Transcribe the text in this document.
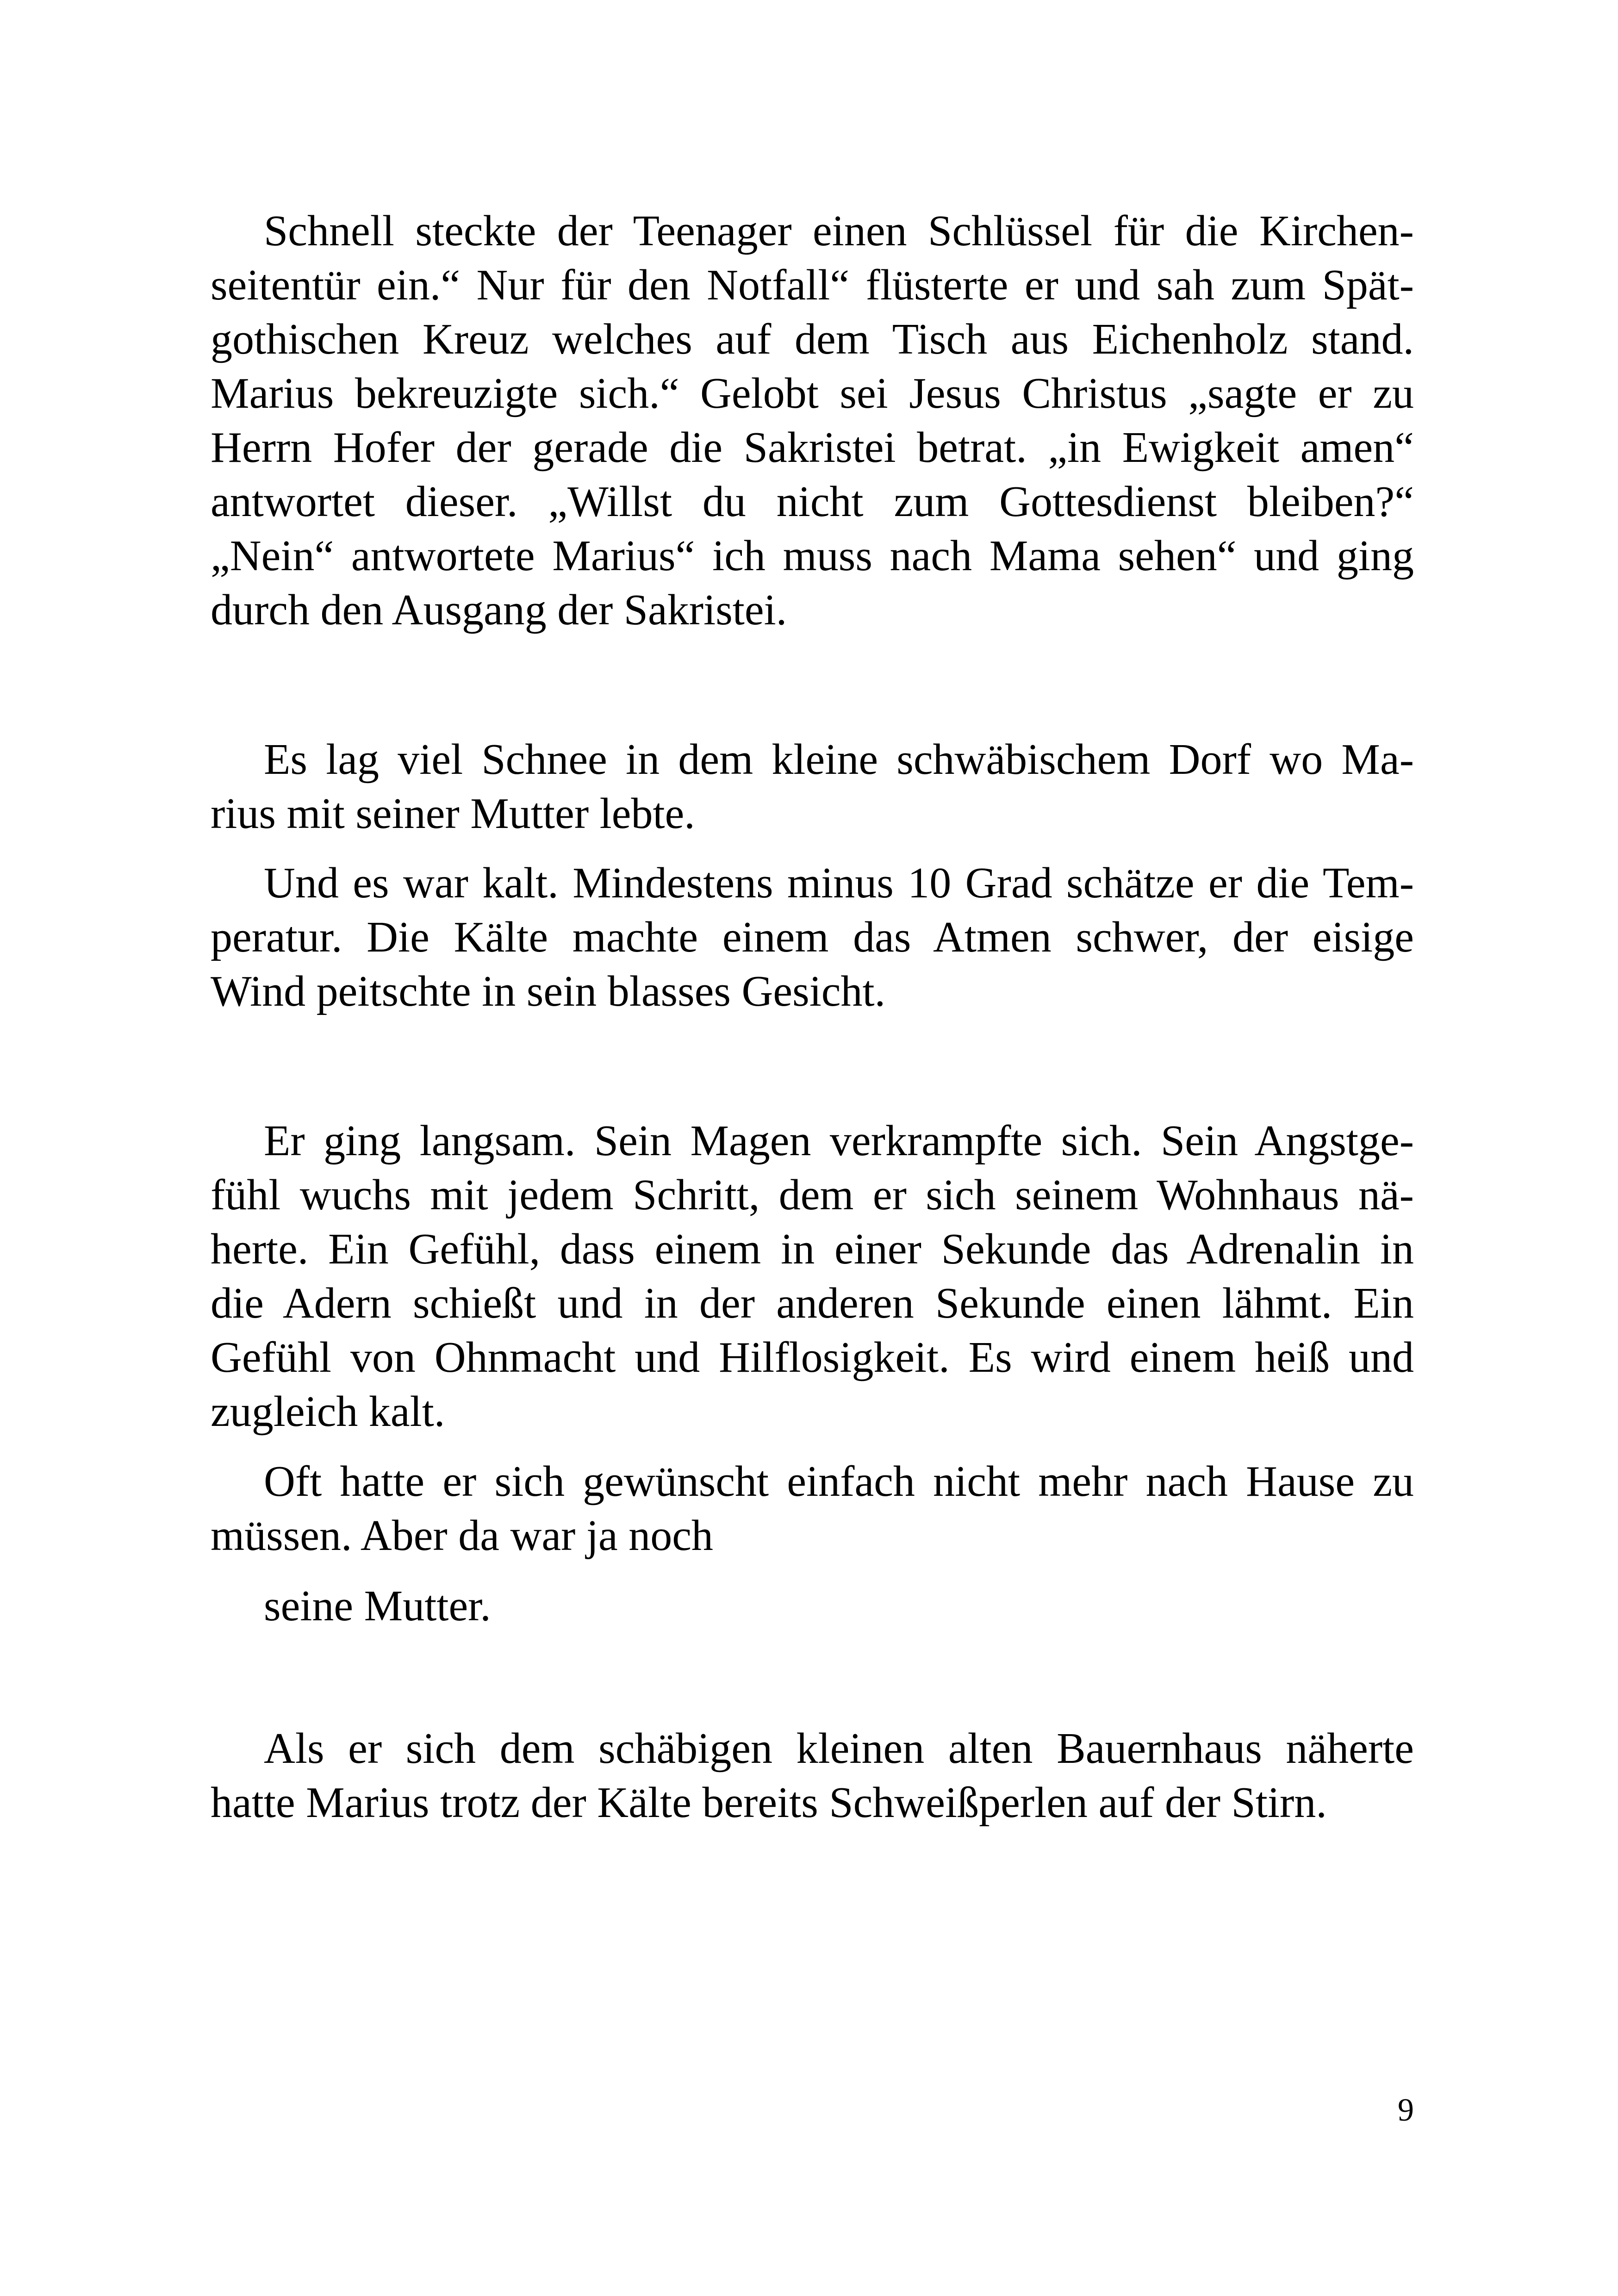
Schnell steckte der Teenager einen Schlüssel für die Kirchen-
seitentür ein.“ Nur für den Notfall“ flüsterte er und sah zum Spät-
gothischen Kreuz welches auf dem Tisch aus Eichenholz stand.
Marius bekreuzigte sich.“ Gelobt sei Jesus Christus „sagte er zu
Herrn Hofer der gerade die Sakristei betrat. „in Ewigkeit amen“
antwortet dieser. „Willst du nicht zum Gottesdienst bleiben?“
„Nein“ antwortete Marius“ ich muss nach Mama sehen“ und ging
durch den Ausgang der Sakristei.
Es lag viel Schnee in dem kleine schwäbischem Dorf wo Ma-
rius mit seiner Mutter lebte.
Und es war kalt. Mindestens minus 10 Grad schätze er die Tem-
peratur. Die Kälte machte einem das Atmen schwer, der eisige
Wind peitschte in sein blasses Gesicht.
Er ging langsam. Sein Magen verkrampfte sich. Sein Angstge-
fühl wuchs mit jedem Schritt, dem er sich seinem Wohnhaus nä-
herte. Ein Gefühl, dass einem in einer Sekunde das Adrenalin in
die Adern schießt und in der anderen Sekunde einen lähmt. Ein
Gefühl von Ohnmacht und Hilflosigkeit. Es wird einem heiß und
zugleich kalt.
Oft hatte er sich gewünscht einfach nicht mehr nach Hause zu
müssen. Aber da war ja noch
seine Mutter.
Als er sich dem schäbigen kleinen alten Bauernhaus näherte
hatte Marius trotz der Kälte bereits Schweißperlen auf der Stirn.
9
